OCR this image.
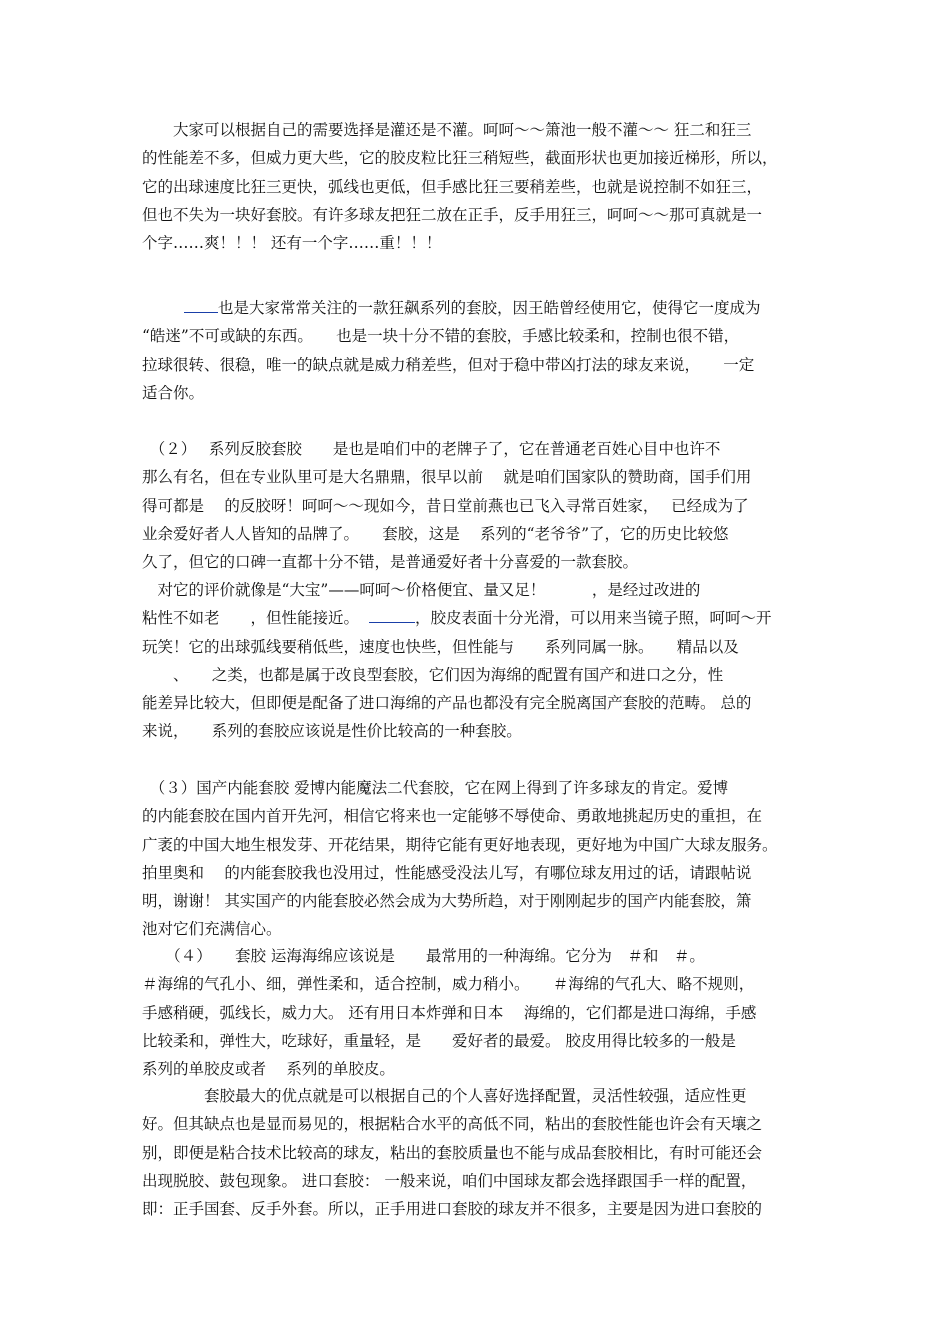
　　大家可以根据自己的需要选择是灌还是不灌。呵呵～～箫池一般不灌～～ 狂二和狂三
的性能差不多，但威力更大些，它的胶皮粒比狂三稍短些，截面形状也更加接近梯形，所以，
它的出球速度比狂三更快，弧线也更低，但手感比狂三要稍差些，也就是说控制不如狂三，
但也不失为一块好套胶。有许多球友把狂二放在正手，反手用狂三，呵呵～～那可真就是一
个字……爽！！！ 还有一个字……重！！！
也是大家常常关注的一款狂飙系列的套胶，因王皓曾经使用它，使得它一度成为
“皓迷”不可或缺的东西。　　也是一块十分不错的套胶，手感比较柔和，控制也很不错，
拉球很转、很稳，唯一的缺点就是威力稍差些，但对于稳中带凶打法的球友来说，　　一定
适合你。
　（２）　 系列反胶套胶　　是也是咱们中的老牌子了，它在普通老百姓心目中也许不
那么有名，但在专业队里可是大名鼎鼎，很早以前　 就是咱们国家队的赞助商，国手们用
得可都是　 的反胶呀！呵呵～～现如今，昔日堂前燕也已飞入寻常百姓家，　 已经成为了
业余爱好者人人皆知的品牌了。　　套胶，这是　 系列的“老爷爷”了，它的历史比较悠
久了，但它的口碑一直都十分不错，是普通爱好者十分喜爱的一款套胶。
　对它的评价就像是“大宝”——呵呵～价格便宜、量又足！　　　，是经过改进的
粘性不如老　　，但性能接近。	，胶皮表面十分光滑，可以用来当镜子照，呵呵～开
玩笑！它的出球弧线要稍低些，速度也快些，但性能与　　系列同属一脉。　　精品以及
　　、　　之类，也都是属于改良型套胶，它们因为海绵的配置有国产和进口之分，性
能差异比较大，但即便是配备了进口海绵的产品也都没有完全脱离国产套胶的范畴。 总的
来说，　　系列的套胶应该说是性价比较高的一种套胶。
　（３）国产内能套胶 爱博内能魔法二代套胶，它在网上得到了许多球友的肯定。爱博
的内能套胶在国内首开先河，相信它将来也一定能够不辱使命、勇敢地挑起历史的重担，在
广袤的中国大地生根发芽、开花结果，期待它能有更好地表现，更好地为中国广大球友服务。
拍里奥和　 的内能套胶我也没用过，性能感受没法儿写，有哪位球友用过的话，请跟帖说
明，谢谢！ 其实国产的内能套胶必然会成为大势所趋，对于刚刚起步的国产内能套胶，箫
池对它们充满信心。
　　（４）　　套胶 运海海绵应该说是　　最常用的一种海绵。它分为　＃和　＃。
＃海绵的气孔小、细，弹性柔和，适合控制，威力稍小。　　＃海绵的气孔大、略不规则，
手感稍硬，弧线长，威力大。 还有用日本炸弹和日本　 海绵的，它们都是进口海绵，手感
比较柔和，弹性大，吃球好，重量轻，是　　爱好者的最爱。 胶皮用得比较多的一般是
系列的单胶皮或者　 系列的单胶皮。
　　　　套胶最大的优点就是可以根据自己的个人喜好选择配置，灵活性较强，适应性更
好。但其缺点也是显而易见的，根据粘合水平的高低不同，粘出的套胶性能也许会有天壤之
别，即便是粘合技术比较高的球友，粘出的套胶质量也不能与成品套胶相比，有时可能还会
出现脱胶、鼓包现象。 进口套胶： 一般来说，咱们中国球友都会选择跟国手一样的配置，
即：正手国套、反手外套。所以，正手用进口套胶的球友并不很多，主要是因为进口套胶的
